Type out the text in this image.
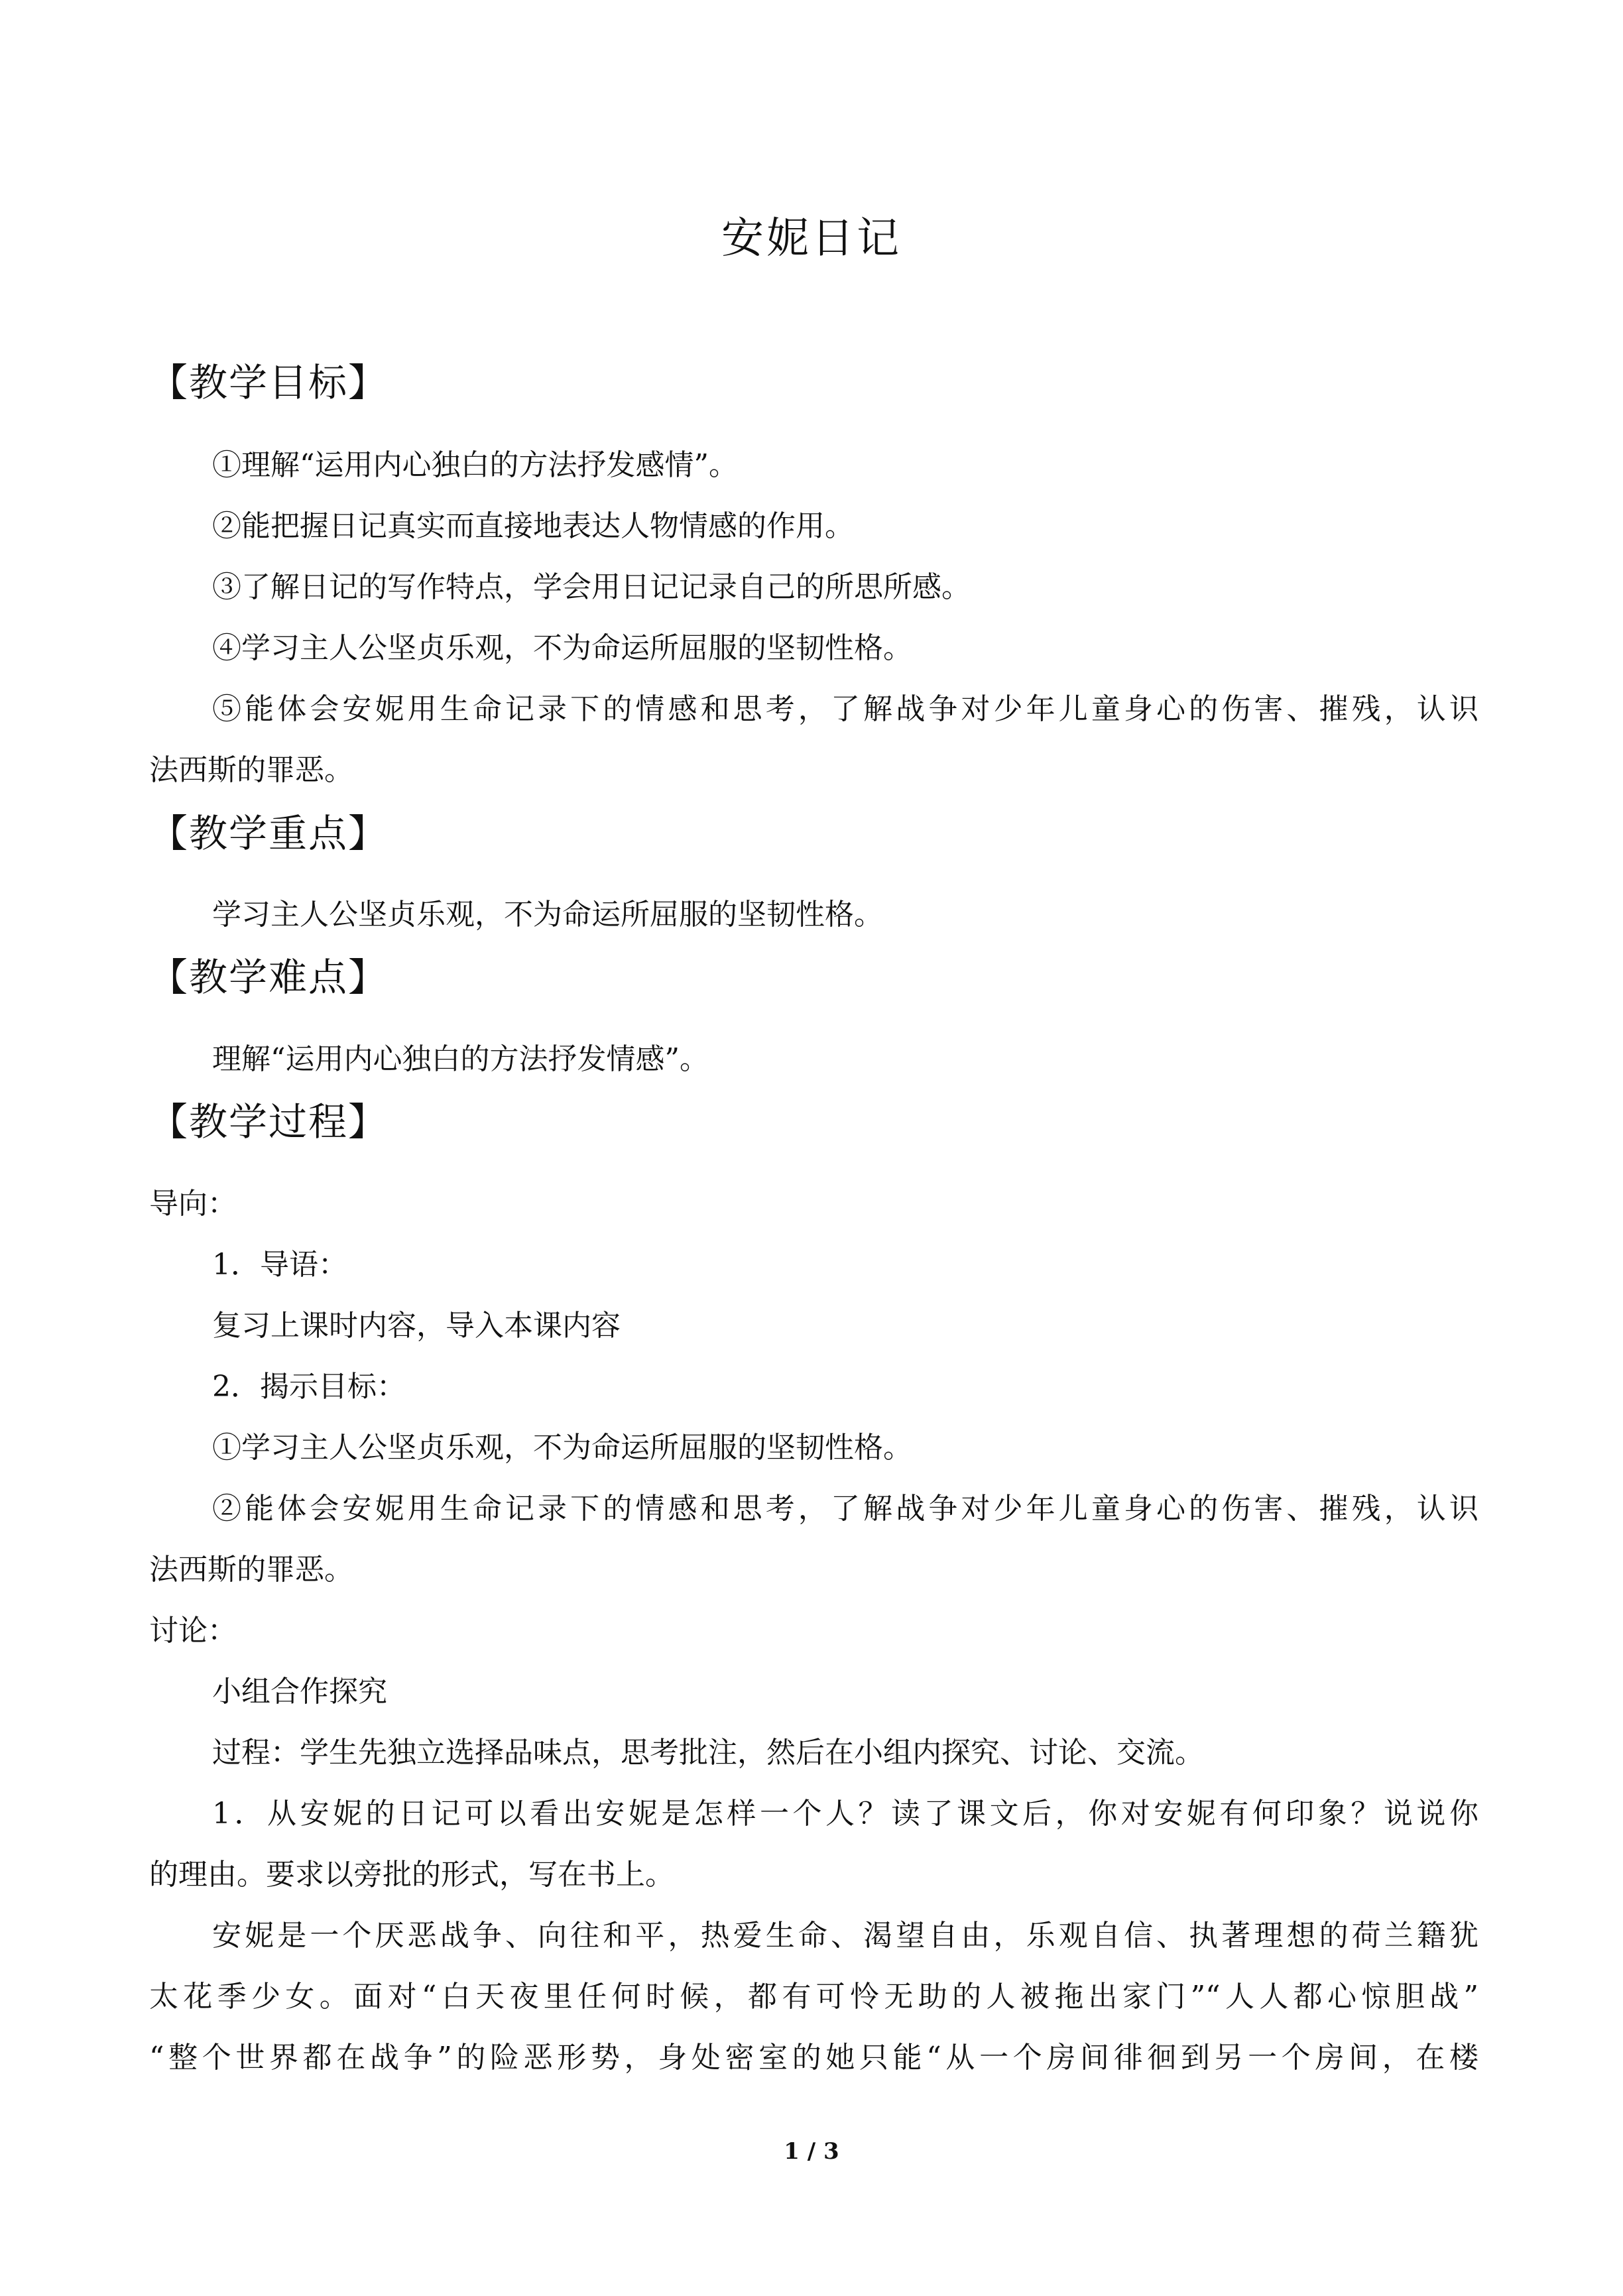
安妮日记
【教学目标】
①理解“运用内心独白的方法抒发感情”。
②能把握日记真实而直接地表达人物情感的作用。
③了解日记的写作特点，学会用日记记录自己的所思所感。
④学习主人公坚贞乐观，不为命运所屈服的坚韧性格。
⑤能体会安妮用生命记录下的情感和思考，了解战争对少年儿童身心的伤害、摧残，认识
法西斯的罪恶。
【教学重点】
学习主人公坚贞乐观，不为命运所屈服的坚韧性格。
【教学难点】
理解“运用内心独白的方法抒发情感”。
【教学过程】
导向：
1．导语：
复习上课时内容，导入本课内容
2．揭示目标：
①学习主人公坚贞乐观，不为命运所屈服的坚韧性格。
②能体会安妮用生命记录下的情感和思考，了解战争对少年儿童身心的伤害、摧残，认识
法西斯的罪恶。
讨论：
小组合作探究
过程：学生先独立选择品味点，思考批注，然后在小组内探究、讨论、交流。
1．从安妮的日记可以看出安妮是怎样一个人？读了课文后，你对安妮有何印象？说说你
的理由。要求以旁批的形式，写在书上。
安妮是一个厌恶战争、向往和平，热爱生命、渴望自由，乐观自信、执著理想的荷兰籍犹
太花季少女。面对“白天夜里任何时候，都有可怜无助的人被拖出家门”“人人都心惊胆战”
“整个世界都在战争”的险恶形势，身处密室的她只能“从一个房间徘徊到另一个房间，在楼
1 / 3
